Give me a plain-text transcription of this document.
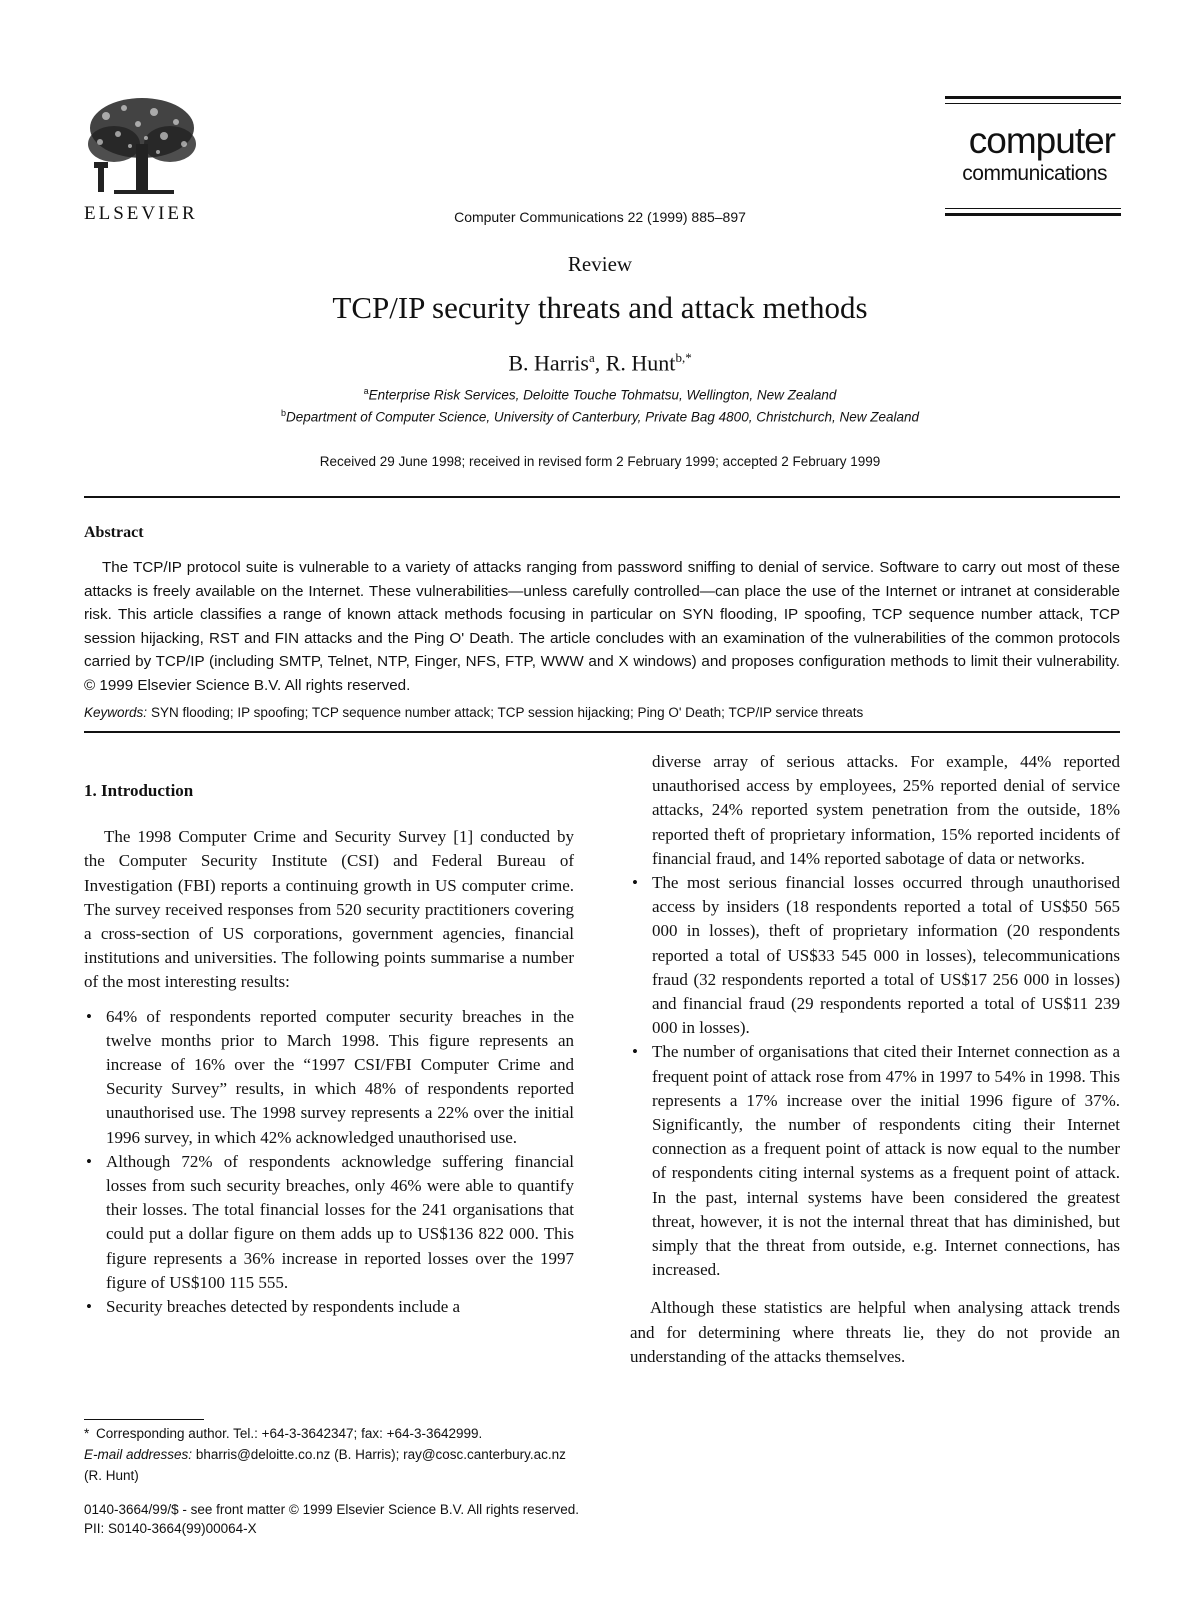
ELSEVIER	Computer Communications 22 (1999) 885–897
computer
communications
Review
TCP/IP security threats and attack methods
B. Harris$^a$, R. Hunt$^{b,*}$
$^a$Enterprise Risk Services, Deloitte Touche Tohmatsu, Wellington, New Zealand
$^b$Department of Computer Science, University of Canterbury, Private Bag 4800, Christchurch, New Zealand
Received 29 June 1998; received in revised form 2 February 1999; accepted 2 February 1999
Abstract
The TCP/IP protocol suite is vulnerable to a variety of attacks ranging from password sniffing to denial of service. Software to carry out most of these attacks is freely available on the Internet. These vulnerabilities—unless carefully controlled—can place the use of the Internet or intranet at considerable risk. This article classifies a range of known attack methods focusing in particular on SYN flooding, IP spoofing, TCP sequence number attack, TCP session hijacking, RST and FIN attacks and the Ping O' Death. The article concludes with an examination of the vulnerabilities of the common protocols carried by TCP/IP (including SMTP, Telnet, NTP, Finger, NFS, FTP, WWW and X windows) and proposes configuration methods to limit their vulnerability. © 1999 Elsevier Science B.V. All rights reserved.
Keywords: SYN flooding; IP spoofing; TCP sequence number attack; TCP session hijacking; Ping O' Death; TCP/IP service threats
1. Introduction

The 1998 Computer Crime and Security Survey [1] conducted by the Computer Security Institute (CSI) and Federal Bureau of Investigation (FBI) reports a continuing growth in US computer crime. The survey received responses from 520 security practitioners covering a cross-section of US corporations, government agencies, financial institutions and universities. The following points summarise a number of the most interesting results:

• 64% of respondents reported computer security breaches in the twelve months prior to March 1998. This figure represents an increase of 16% over the “1997 CSI/FBI Computer Crime and Security Survey” results, in which 48% of respondents reported unauthorised use. The 1998 survey represents a 22% over the initial 1996 survey, in which 42% acknowledged unauthorised use.
• Although 72% of respondents acknowledge suffering financial losses from such security breaches, only 46% were able to quantify their losses. The total financial losses for the 241 organisations that could put a dollar figure on them adds up to US$136 822 000. This figure represents a 36% increase in reported losses over the 1997 figure of US$100 115 555.
• Security breaches detected by respondents include a

diverse array of serious attacks. For example, 44% reported unauthorised access by employees, 25% reported denial of service attacks, 24% reported system penetration from the outside, 18% reported theft of proprietary information, 15% reported incidents of financial fraud, and 14% reported sabotage of data or networks.

• The most serious financial losses occurred through unauthorised access by insiders (18 respondents reported a total of US$50 565 000 in losses), theft of proprietary information (20 respondents reported a total of US$33 545 000 in losses), telecommunications fraud (32 respondents reported a total of US$17 256 000 in losses) and financial fraud (29 respondents reported a total of US$11 239 000 in losses).
• The number of organisations that cited their Internet connection as a frequent point of attack rose from 47% in 1997 to 54% in 1998. This represents a 17% increase over the initial 1996 figure of 37%. Significantly, the number of respondents citing their Internet connection as a frequent point of attack is now equal to the number of respondents citing internal systems as a frequent point of attack. In the past, internal systems have been considered the greatest threat, however, it is not the internal threat that has diminished, but simply that the threat from outside, e.g. Internet connections, has increased.

Although these statistics are helpful when analysing attack trends and for determining where threats lie, they do not provide an understanding of the attacks themselves.

* Corresponding author. Tel.: +64-3-3642347; fax: +64-3-3642999.
E-mail addresses: bharris@deloitte.co.nz (B. Harris); ray@cosc.canterbury.ac.nz (R. Hunt)
0140-3664/99/$ - see front matter © 1999 Elsevier Science B.V. All rights reserved.
PII: S0140-3664(99)00064-X
